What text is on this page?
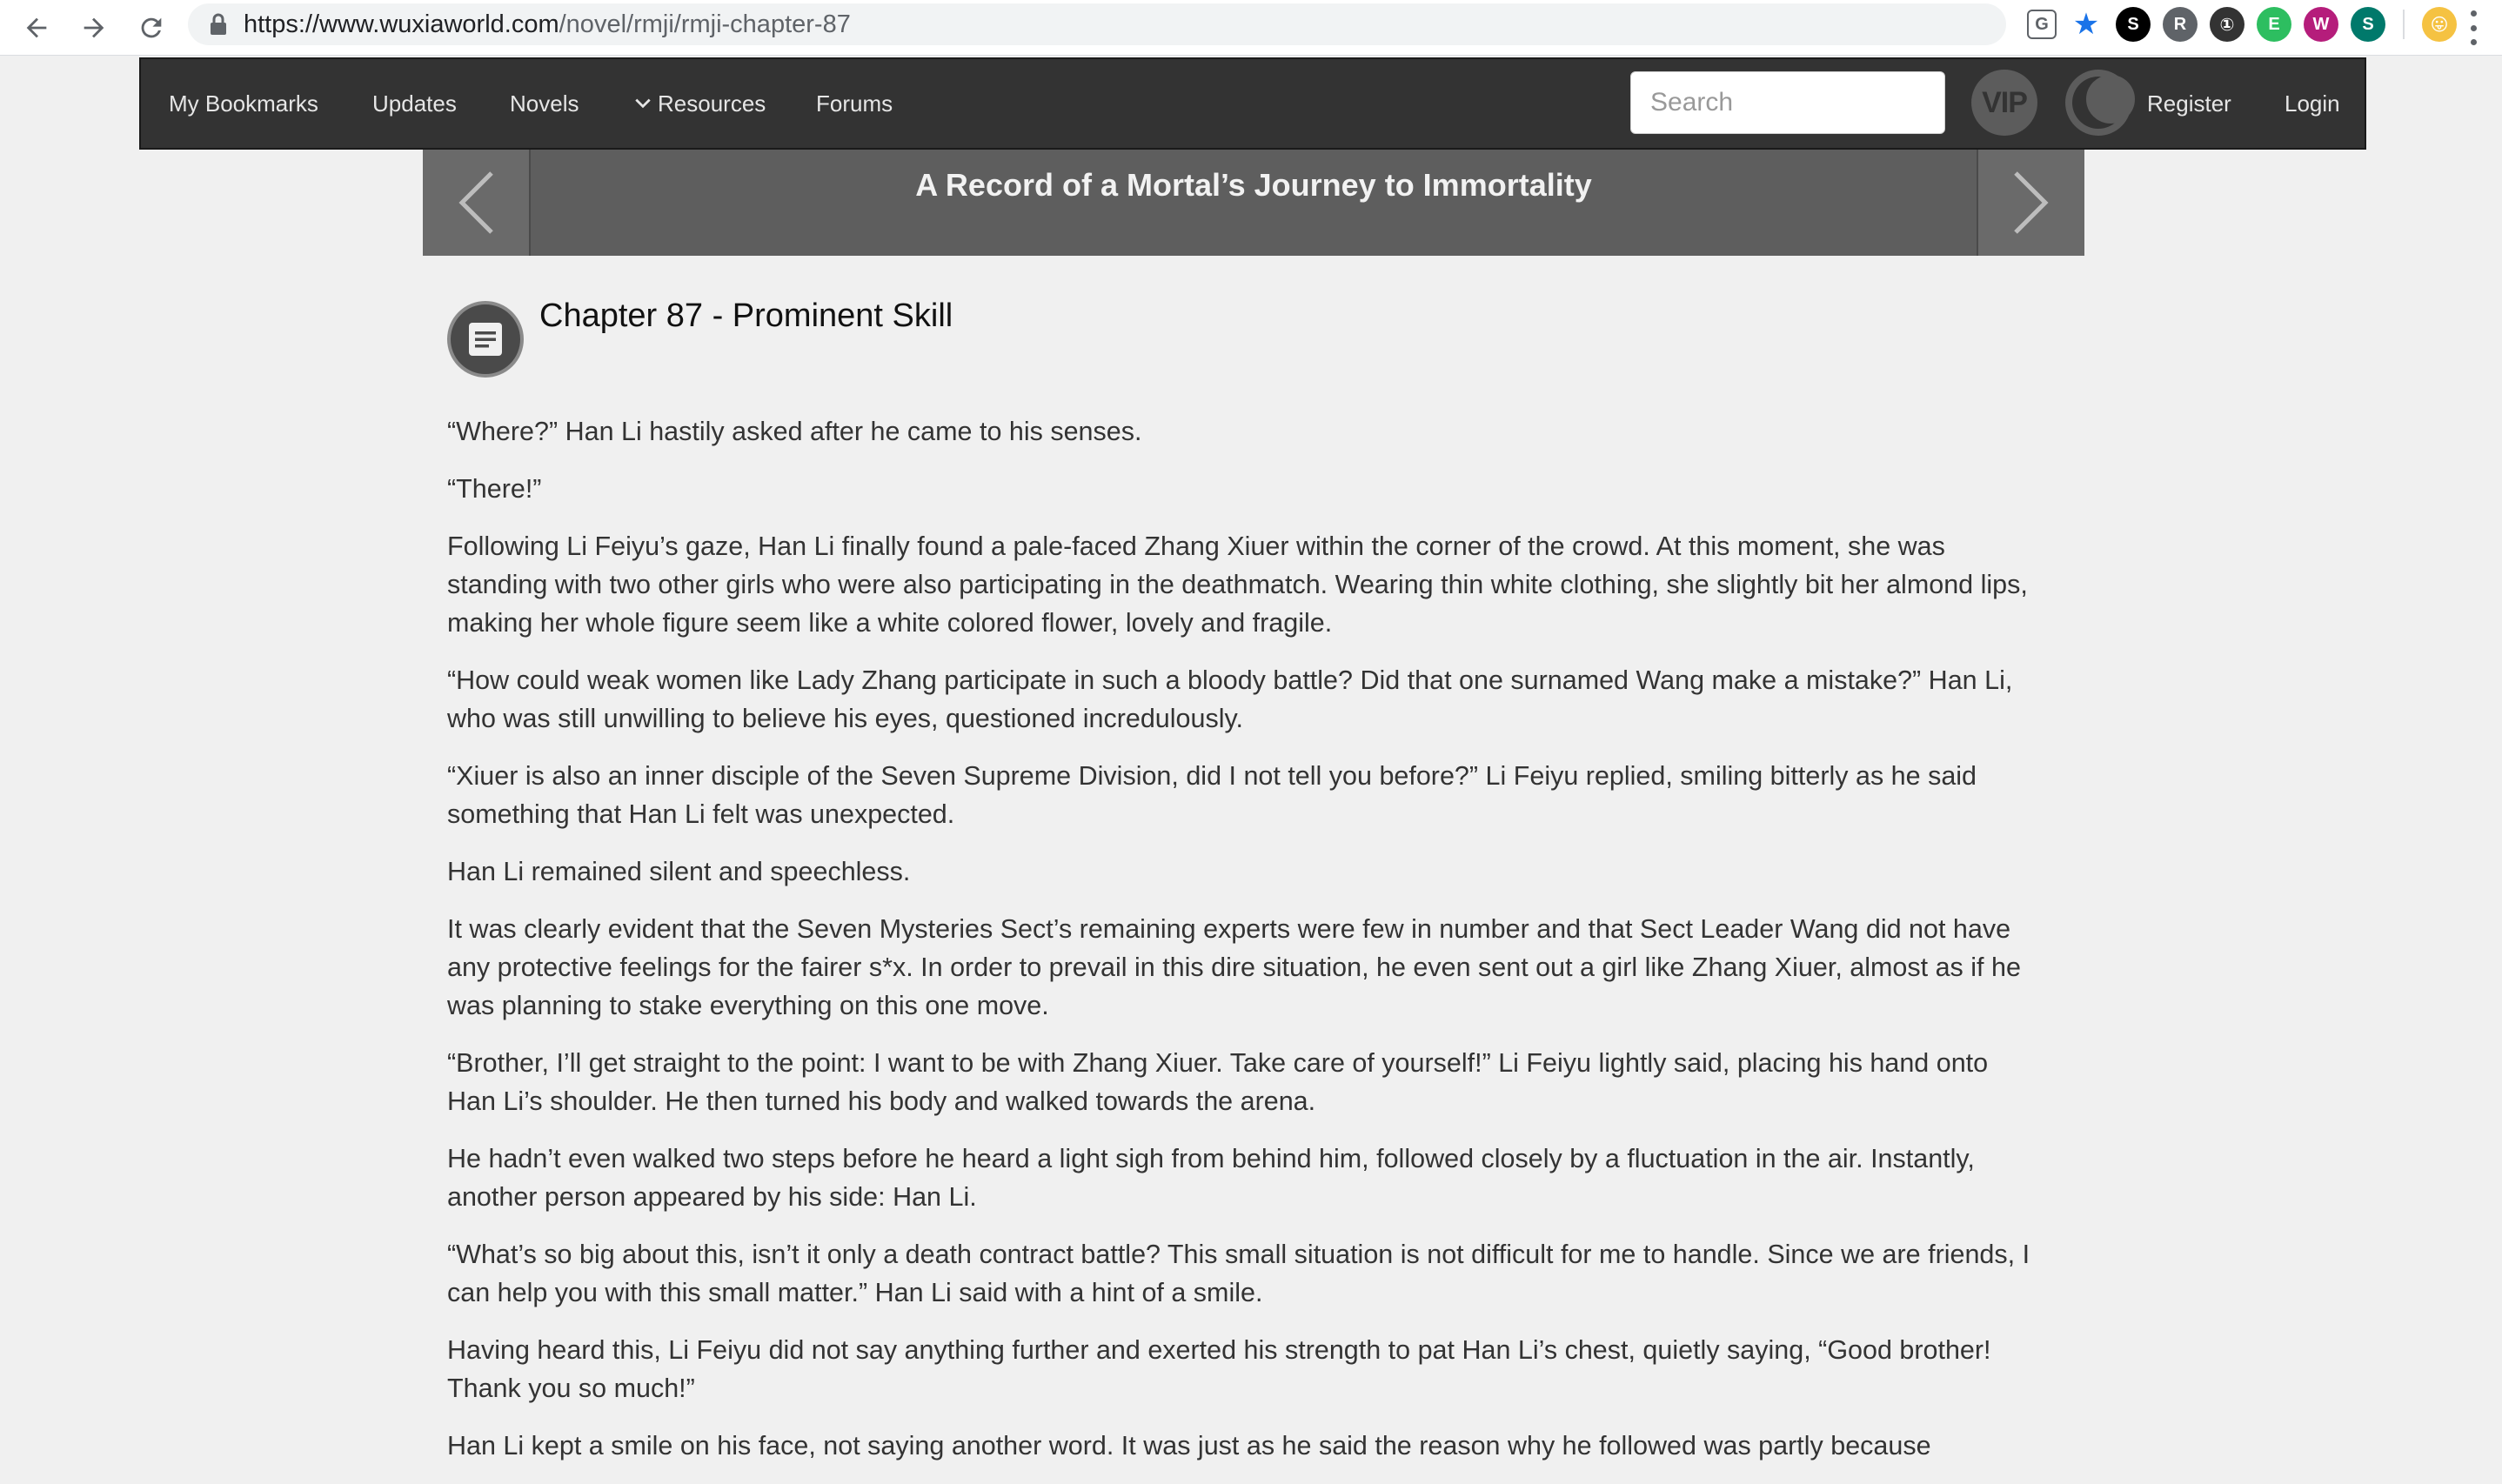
https://www.wuxiaworld.com/novel/rmji/rmji-chapter-87	G ★	S	R	①	E	W	S	😛
My Bookmarks Updates Novels	Resources Forums
Search	VIP	Register Login
A Record of a Mortal’s Journey to Immortality
Chapter 87 - Prominent Skill

“Where?” Han Li hastily asked after he came to his senses.

“There!”

Following Li Feiyu’s gaze, Han Li finally found a pale-faced Zhang Xiuer within the corner of the crowd. At this moment, she was standing with two other girls who were also participating in the deathmatch. Wearing thin white clothing, she slightly bit her almond lips, making her whole figure seem like a white colored flower, lovely and fragile.

“How could weak women like Lady Zhang participate in such a bloody battle? Did that one surnamed Wang make a mistake?” Han Li, who was still unwilling to believe his eyes, questioned incredulously.

“Xiuer is also an inner disciple of the Seven Supreme Division, did I not tell you before?” Li Feiyu replied, smiling bitterly as he said something that Han Li felt was unexpected.

Han Li remained silent and speechless.

It was clearly evident that the Seven Mysteries Sect’s remaining experts were few in number and that Sect Leader Wang did not have any protective feelings for the fairer s*x. In order to prevail in this dire situation, he even sent out a girl like Zhang Xiuer, almost as if he was planning to stake everything on this one move.

“Brother, I’ll get straight to the point: I want to be with Zhang Xiuer. Take care of yourself!” Li Feiyu lightly said, placing his hand onto Han Li’s shoulder. He then turned his body and walked towards the arena.

He hadn’t even walked two steps before he heard a light sigh from behind him, followed closely by a fluctuation in the air. Instantly, another person appeared by his side: Han Li.

“What’s so big about this, isn’t it only a death contract battle? This small situation is not difficult for me to handle. Since we are friends, I can help you with this small matter.” Han Li said with a hint of a smile.

Having heard this, Li Feiyu did not say anything further and exerted his strength to pat Han Li’s chest, quietly saying, “Good brother! Thank you so much!”

Han Li kept a smile on his face, not saying another word. It was just as he said the reason why he followed was partly because
